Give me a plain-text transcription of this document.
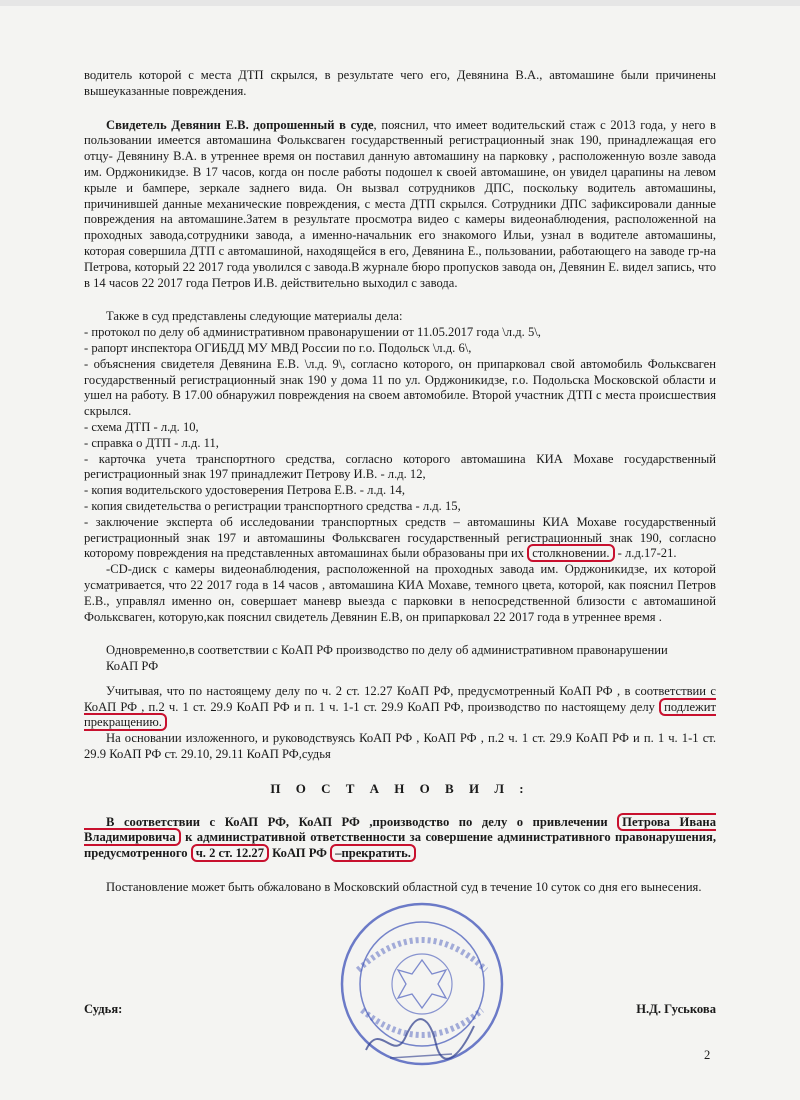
водитель которой с места ДТП скрылся, в результате чего его, Девянина В.А., автомашине были причинены вышеуказанные повреждения.

Свидетель Девянин Е.В. допрошенный в суде, пояснил, что имеет водительский стаж с 2013 года, у него в пользовании имеется автомашина Фольксваген государственный регистрационный знак 190, принадлежащая его отцу- Девянину В.А. в утреннее время он поставил данную автомашину на парковку , расположенную возле завода им. Орджоникидзе. В 17 часов, когда он после работы подошел к своей автомашине, он увидел царапины на левом крыле и бампере, зеркале заднего вида. Он вызвал сотрудников ДПС, поскольку водитель автомашины, причинившей данные механические повреждения, с места ДТП скрылся. Сотрудники ДПС зафиксировали данные повреждения на автомашине.Затем в результате просмотра видео с камеры видеонаблюдения, расположенной на проходных завода,сотрудники завода, а именно-начальник его знакомого Ильи, узнал в водителе автомашины, которая совершила ДТП с автомашиной, находящейся в его, Девянина Е., пользовании, работающего на заводе гр-на Петрова, который 22 2017 года уволился с завода.В журнале бюро пропусков завода он, Девянин Е. видел запись, что в 14 часов 22 2017 года Петров И.В. действительно выходил с завода.

Также в суд представлены следующие материалы дела:

- протокол по делу об административном правонарушении от 11.05.2017 года \л.д. 5\,

- рапорт инспектора ОГИБДД МУ МВД России по г.о. Подольск \л.д. 6\,

- объяснения свидетеля Девянина Е.В. \л.д. 9\, согласно которого, он припарковал свой автомобиль Фольксваген государственный регистрационный знак 190 у дома 11 по ул. Орджоникидзе, г.о. Подольска Московской области и ушел на работу. В 17.00 обнаружил повреждения на своем автомобиле. Второй участник ДТП с места происшествия скрылся.

- схема ДТП - л.д. 10,

- справка о ДТП - л.д. 11,

- карточка учета транспортного средства, согласно которого автомашина КИА Мохаве государственный регистрационный знак 197 принадлежит Петрову И.В. - л.д. 12,

- копия водительского удостоверения Петрова Е.В. - л.д. 14,

- копия свидетельства о регистрации транспортного средства - л.д. 15,

- заключение эксперта об исследовании транспортных средств – автомашины КИА Мохаве государственный регистрационный знак 197 и автомашины Фольксваген государственный регистрационный знак 190, согласно которому повреждения на представленных автомашинах были образованы при их столкновении. - л.д.17-21.

-CD-диск с камеры видеонаблюдения, расположенной на проходных завода им. Орджоникидзе, их которой усматривается, что 22 2017 года в 14 часов , автомашина КИА Мохаве, темного цвета, которой, как пояснил Петров Е.В., управлял именно он, совершает маневр выезда с парковки в непосредственной близости с автомашиной Фольксваген, которую,как пояснил свидетель Девянин Е.В, он припарковал 22 2017 года в утреннее время .

Одновременно,в соответствии с КоАП РФ производство по делу об административном правонарушении

КоАП РФ

Учитывая, что по настоящему делу по ч. 2 ст. 12.27 КоАП РФ, предусмотренный КоАП РФ , в соответствии с КоАП РФ , п.2 ч. 1 ст. 29.9 КоАП РФ и п. 1 ч. 1-1 ст. 29.9 КоАП РФ, производство по настоящему делу подлежит прекращению.

На основании изложенного, и руководствуясь КоАП РФ , КоАП РФ , п.2 ч. 1 ст. 29.9 КоАП РФ и п. 1 ч. 1-1 ст. 29.9 КоАП РФ ст. 29.10, 29.11 КоАП РФ,судья

П О С Т А Н О В И Л :

В соответствии с КоАП РФ, КоАП РФ ,производство по делу о привлечении Петрова Ивана Владимировича к административной ответственности за совершение административного правонарушения, предусмотренного ч. 2 ст. 12.27 КоАП РФ –прекратить.

Постановление может быть обжаловано в Московский областной суд в течение 10 суток со дня его вынесения.

Судья:	Н.Д. Гуськова
2
